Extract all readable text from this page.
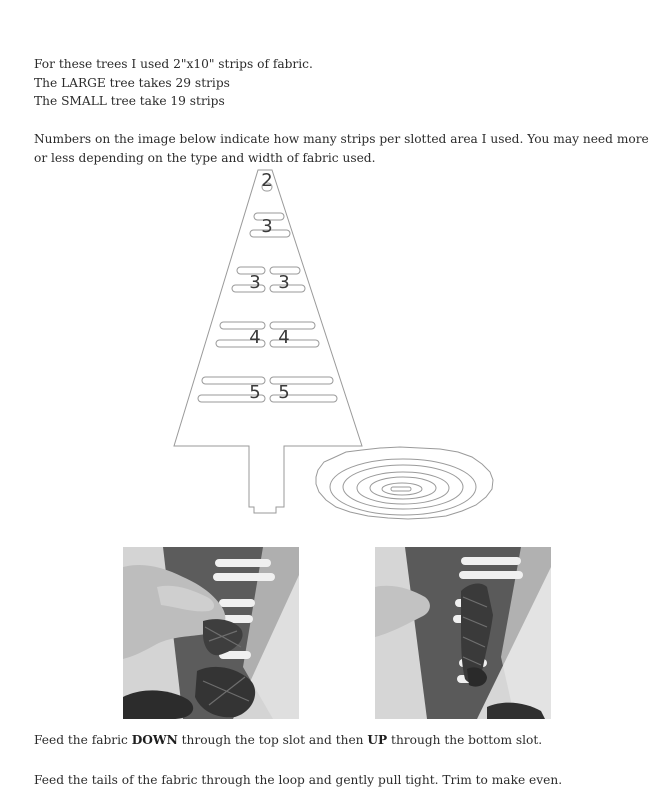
For these trees I used 2"x10" strips of fabric.

The LARGE tree takes 29 strips

The SMALL tree take 19 strips

Numbers on the image below indicate how many strips per slotted area I used. You may need more or less depending on the type and width of fabric used.
2
3
3 3
4 4
5 5

Feed the fabric DOWN through the top slot and then UP through the bottom slot.

Feed the tails of the fabric through the loop and gently pull tight. Trim to make even.
